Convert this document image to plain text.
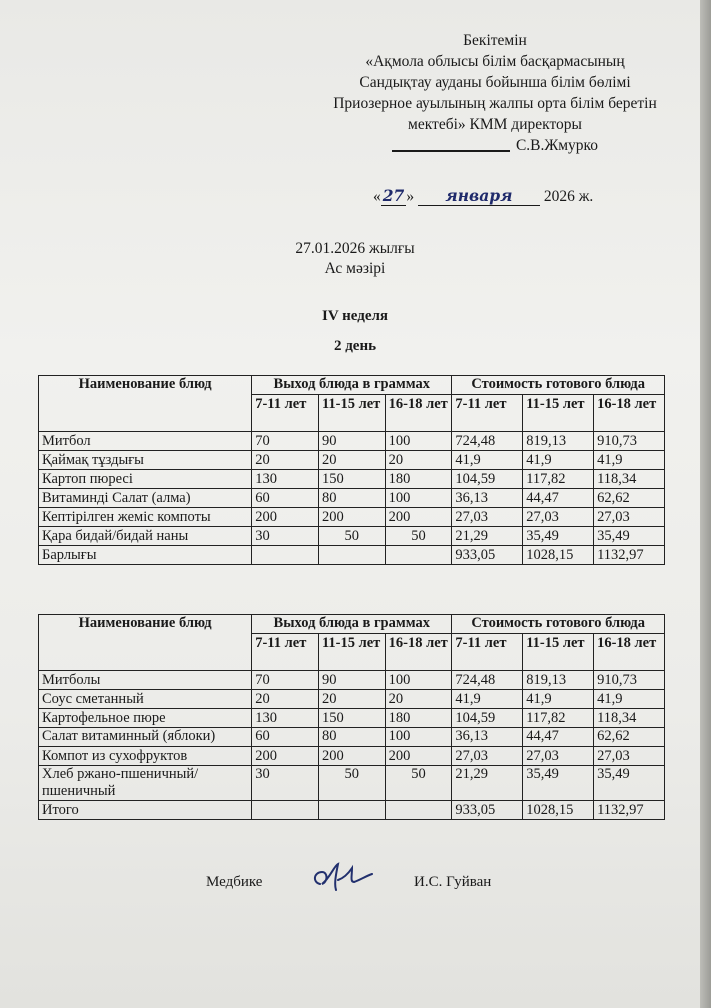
Бекітемін
«Ақмола облысы білім басқармасының
Сандықтау ауданы бойынша білім бөлімі
Приозерное ауылының жалпы орта білім беретін
мектебі» КММ директоры
С.В.Жмурко
« 27 » января 2026 ж.
27.01.2026 жылғы
Ас мәзірі
IV неделя
2 день
Наименование блюд	Выход блюда в граммах			Стоимость готового блюда		
	7-11 лет	11-15 лет	16-18 лет	7-11 лет	11-15 лет	16-18 лет
Митбол	70	90	100	724,48	819,13	910,73
Қаймақ тұздығы	20	20	20	41,9	41,9	41,9
Картоп пюресі	130	150	180	104,59	117,82	118,34
Витаминді Салат (алма)	60	80	100	36,13	44,47	62,62
Кептірілген жеміс компоты	200	200	200	27,03	27,03	27,03
Қара бидай/бидай наны	30	50	50	21,29	35,49	35,49
Барлығы				933,05	1028,15	1132,97
Наименование блюд	Выход блюда в граммах			Стоимость готового блюда		
	7-11 лет	11-15 лет	16-18 лет	7-11 лет	11-15 лет	16-18 лет
Митболы	70	90	100	724,48	819,13	910,73
Соус сметанный	20	20	20	41,9	41,9	41,9
Картофельное пюре	130	150	180	104,59	117,82	118,34
Салат витаминный (яблоки)	60	80	100	36,13	44,47	62,62
Компот из сухофруктов	200	200	200	27,03	27,03	27,03
Хлеб ржано-пшеничный/пшеничный	30	50	50	21,29	35,49	35,49
Итого				933,05	1028,15	1132,97
Медбике	И.С. Гуйван
